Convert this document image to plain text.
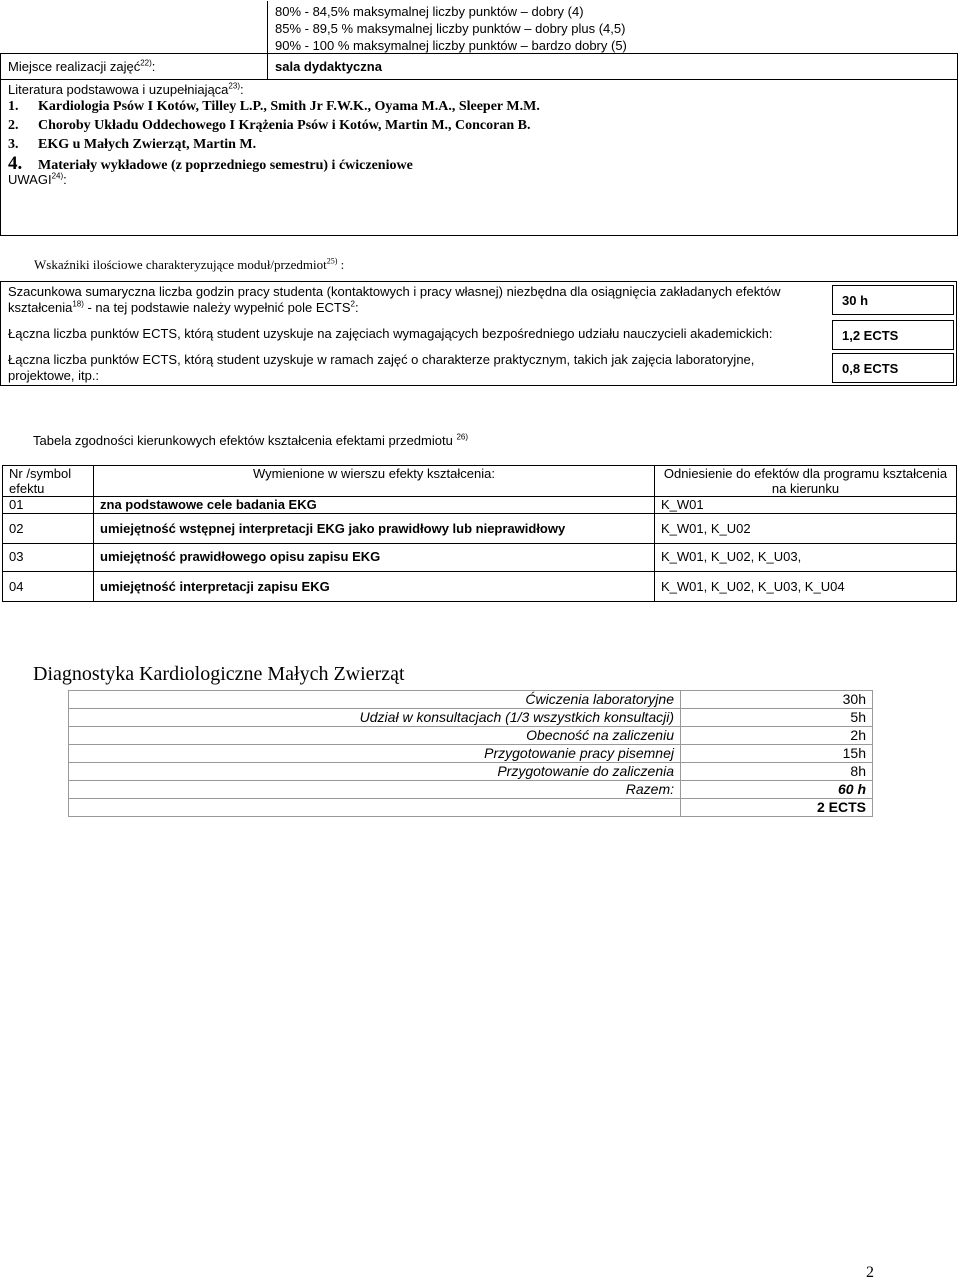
80% - 84,5% maksymalnej liczby punktów – dobry (4)
85% - 89,5 % maksymalnej liczby punktów – dobry plus (4,5)
90% - 100 % maksymalnej liczby punktów – bardzo dobry (5)
Miejsce realizacji zajęć$^{22)}$:	sala dydaktyczna
Literatura podstawowa i uzupełniająca$^{23)}$:
1. Kardiologia Psów I Kotów, Tilley L.P., Smith Jr F.W.K., Oyama M.A., Sleeper M.M.
2. Choroby Układu Oddechowego I Krążenia Psów i Kotów, Martin M., Concoran B.
3. EKG u Małych Zwierząt, Martin M.
4. Materiały wykładowe (z poprzedniego semestru) i ćwiczeniowe
UWAGI$^{24)}$:
Wskaźniki ilościowe charakteryzujące moduł/przedmiot$^{25)}$ :
Szacunkowa sumaryczna liczba godzin pracy studenta (kontaktowych i pracy własnej) niezbędna dla osiągnięcia zakładanych efektów kształcenia$^{18)}$ - na tej podstawie należy wypełnić pole ECTS$^2$:	30 h
Łączna liczba punktów ECTS, którą student uzyskuje na zajęciach wymagających bezpośredniego udziału nauczycieli akademickich:	1,2 ECTS
Łączna liczba punktów ECTS, którą student uzyskuje w ramach zajęć o charakterze praktycznym, takich jak zajęcia laboratoryjne, projektowe, itp.:	0,8 ECTS
Tabela zgodności kierunkowych efektów kształcenia efektami przedmiotu $^{26)}$
Nr /symbol efektu	Wymienione w wierszu efekty kształcenia:	Odniesienie do efektów dla programu kształcenia na kierunku
01	zna podstawowe cele badania EKG	K_W01
02	umiejętność wstępnej interpretacji EKG jako prawidłowy lub nieprawidłowy	K_W01, K_U02
03	umiejętność prawidłowego opisu zapisu EKG	K_W01, K_U02, K_U03,
04	umiejętność interpretacji zapisu EKG	K_W01, K_U02, K_U03, K_U04
Diagnostyka Kardiologiczne Małych Zwierząt
Ćwiczenia laboratoryjne	30h
Udział w konsultacjach (1/3 wszystkich konsultacji)	5h
Obecność na zaliczeniu	2h
Przygotowanie pracy pisemnej	15h
Przygotowanie do zaliczenia	8h
Razem:	60 h
	2 ECTS
2
